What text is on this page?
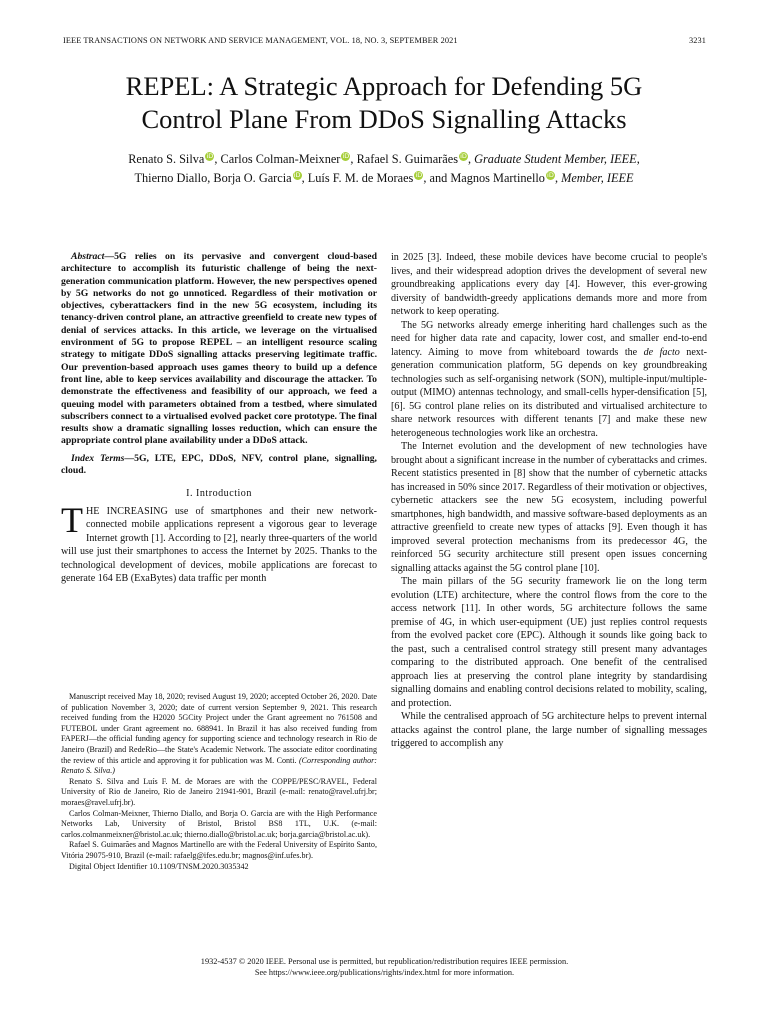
IEEE TRANSACTIONS ON NETWORK AND SERVICE MANAGEMENT, VOL. 18, NO. 3, SEPTEMBER 2021	3231
REPEL: A Strategic Approach for Defending 5G
Control Plane From DDoS Signalling Attacks
Renato S. Silva iD, Carlos Colman-Meixner iD, Rafael S. Guimarães iD, Graduate Student Member, IEEE,
Thierno Diallo, Borja O. Garcia iD, Luís F. M. de Moraes iD, and Magnos Martinello iD, Member, IEEE

Abstract—5G relies on its pervasive and convergent cloud-based architecture to accomplish its futuristic challenge of being the next-generation communication platform. However, the new perspectives opened by 5G networks do not go unnoticed. Regardless of their motivation or objectives, cyberattackers find in the new 5G ecosystem, including its tenancy-driven control plane, an attractive greenfield to create new types of denial of services attacks. In this article, we leverage on the virtualised environment of 5G to propose REPEL – an intelligent resource scaling strategy to mitigate DDoS signalling attacks preserving legitimate traffic. Our prevention-based approach uses games theory to build up a defence front line, able to keep services availability and discourage the attacker. To demonstrate the effectiveness and feasibility of our approach, we feed a queuing model with parameters obtained from a testbed, where simulated subscribers connect to a virtualised evolved packet core prototype. The final results show a dramatic signalling losses reduction, which can ensure the appropriate control plane availability under a DDoS attack.

Index Terms—5G, LTE, EPC, DDoS, NFV, control plane, signalling, cloud.

I. Introduction

THE INCREASING use of smartphones and their new network-connected mobile applications represent a vigorous gear to leverage Internet growth [1]. According to [2], nearly three-quarters of the world will use just their smartphones to access the Internet by 2025. Thanks to the technological development of devices, mobile applications are forecast to generate 164 EB (ExaBytes) data traffic per month

Manuscript received May 18, 2020; revised August 19, 2020; accepted October 26, 2020. Date of publication November 3, 2020; date of current version September 9, 2021. This research received funding from the H2020 5GCity Project under the Grant agreement no 761508 and FUTEBOL under Grant agreement no. 688941. In Brazil it has also received funding from FAPERJ—the official funding agency for supporting science and technology research in Rio de Janeiro (Brazil) and RedeRio—the State's Academic Network. The associate editor coordinating the review of this article and approving it for publication was M. Conti. (Corresponding author: Renato S. Silva.)

Renato S. Silva and Luís F. M. de Moraes are with the COPPE/PESC/RAVEL, Federal University of Rio de Janeiro, Rio de Janeiro 21941-901, Brazil (e-mail: renato@ravel.ufrj.br; moraes@ravel.ufrj.br).

Carlos Colman-Meixner, Thierno Diallo, and Borja O. Garcia are with the High Performance Networks Lab, University of Bristol, Bristol BS8 1TL, U.K. (e-mail: carlos.colmanmeixner@bristol.ac.uk; thierno.diallo@bristol.ac.uk; borja.garcia@bristol.ac.uk).

Rafael S. Guimarães and Magnos Martinello are with the Federal University of Espírito Santo, Vitória 29075-910, Brazil (e-mail: rafaelg@ifes.edu.br; magnos@inf.ufes.br).

Digital Object Identifier 10.1109/TNSM.2020.3035342

in 2025 [3]. Indeed, these mobile devices have become crucial to people's lives, and their widespread adoption drives the development of several new groundbreaking applications every day [4]. However, this ever-growing diversity of bandwidth-greedy applications demands more and more from network to keep operating.

The 5G networks already emerge inheriting hard challenges such as the need for higher data rate and capacity, lower cost, and smaller end-to-end latency. Aiming to move from whiteboard towards the de facto next-generation communication platform, 5G depends on key groundbreaking technologies such as self-organising network (SON), multiple-input/multiple-output (MIMO) antennas technology, and small-cells hyper-densification [5], [6]. 5G control plane relies on its distributed and virtualised architecture to share network resources with different tenants [7] and make these new heterogeneous technologies work like an orchestra.

The Internet evolution and the development of new technologies have brought about a significant increase in the number of cyberattacks and crimes. Recent statistics presented in [8] show that the number of cybernetic attacks has increased in 50% since 2017. Regardless of their motivation or objectives, cybernetic attackers see the new 5G ecosystem, including powerful smartphones, high bandwidth, and massive software-based deployments as an attractive greenfield to create new types of attacks [9]. Even though it has improved several protection mechanisms from its predecessor 4G, the reinforced 5G security architecture still present open issues concerning signalling attacks against the 5G control plane [10].

The main pillars of the 5G security framework lie on the long term evolution (LTE) architecture, where the control flows from the core to the access network [11]. In other words, 5G architecture follows the same premise of 4G, in which user-equipment (UE) just replies control requests from the evolved packet core (EPC). Although it sounds like going back to the past, such a centralised control strategy still present many advantages comparing to the distributed approach. One benefit of the centralised approach lies at preserving the control plane integrity by standardising signalling domains and enabling control decisions related to mobility, scaling, and protection.

While the centralised approach of 5G architecture helps to prevent internal attacks against the control plane, the large number of signalling messages triggered to accomplish any

1932-4537 © 2020 IEEE. Personal use is permitted, but republication/redistribution requires IEEE permission.
See https://www.ieee.org/publications/rights/index.html for more information.
